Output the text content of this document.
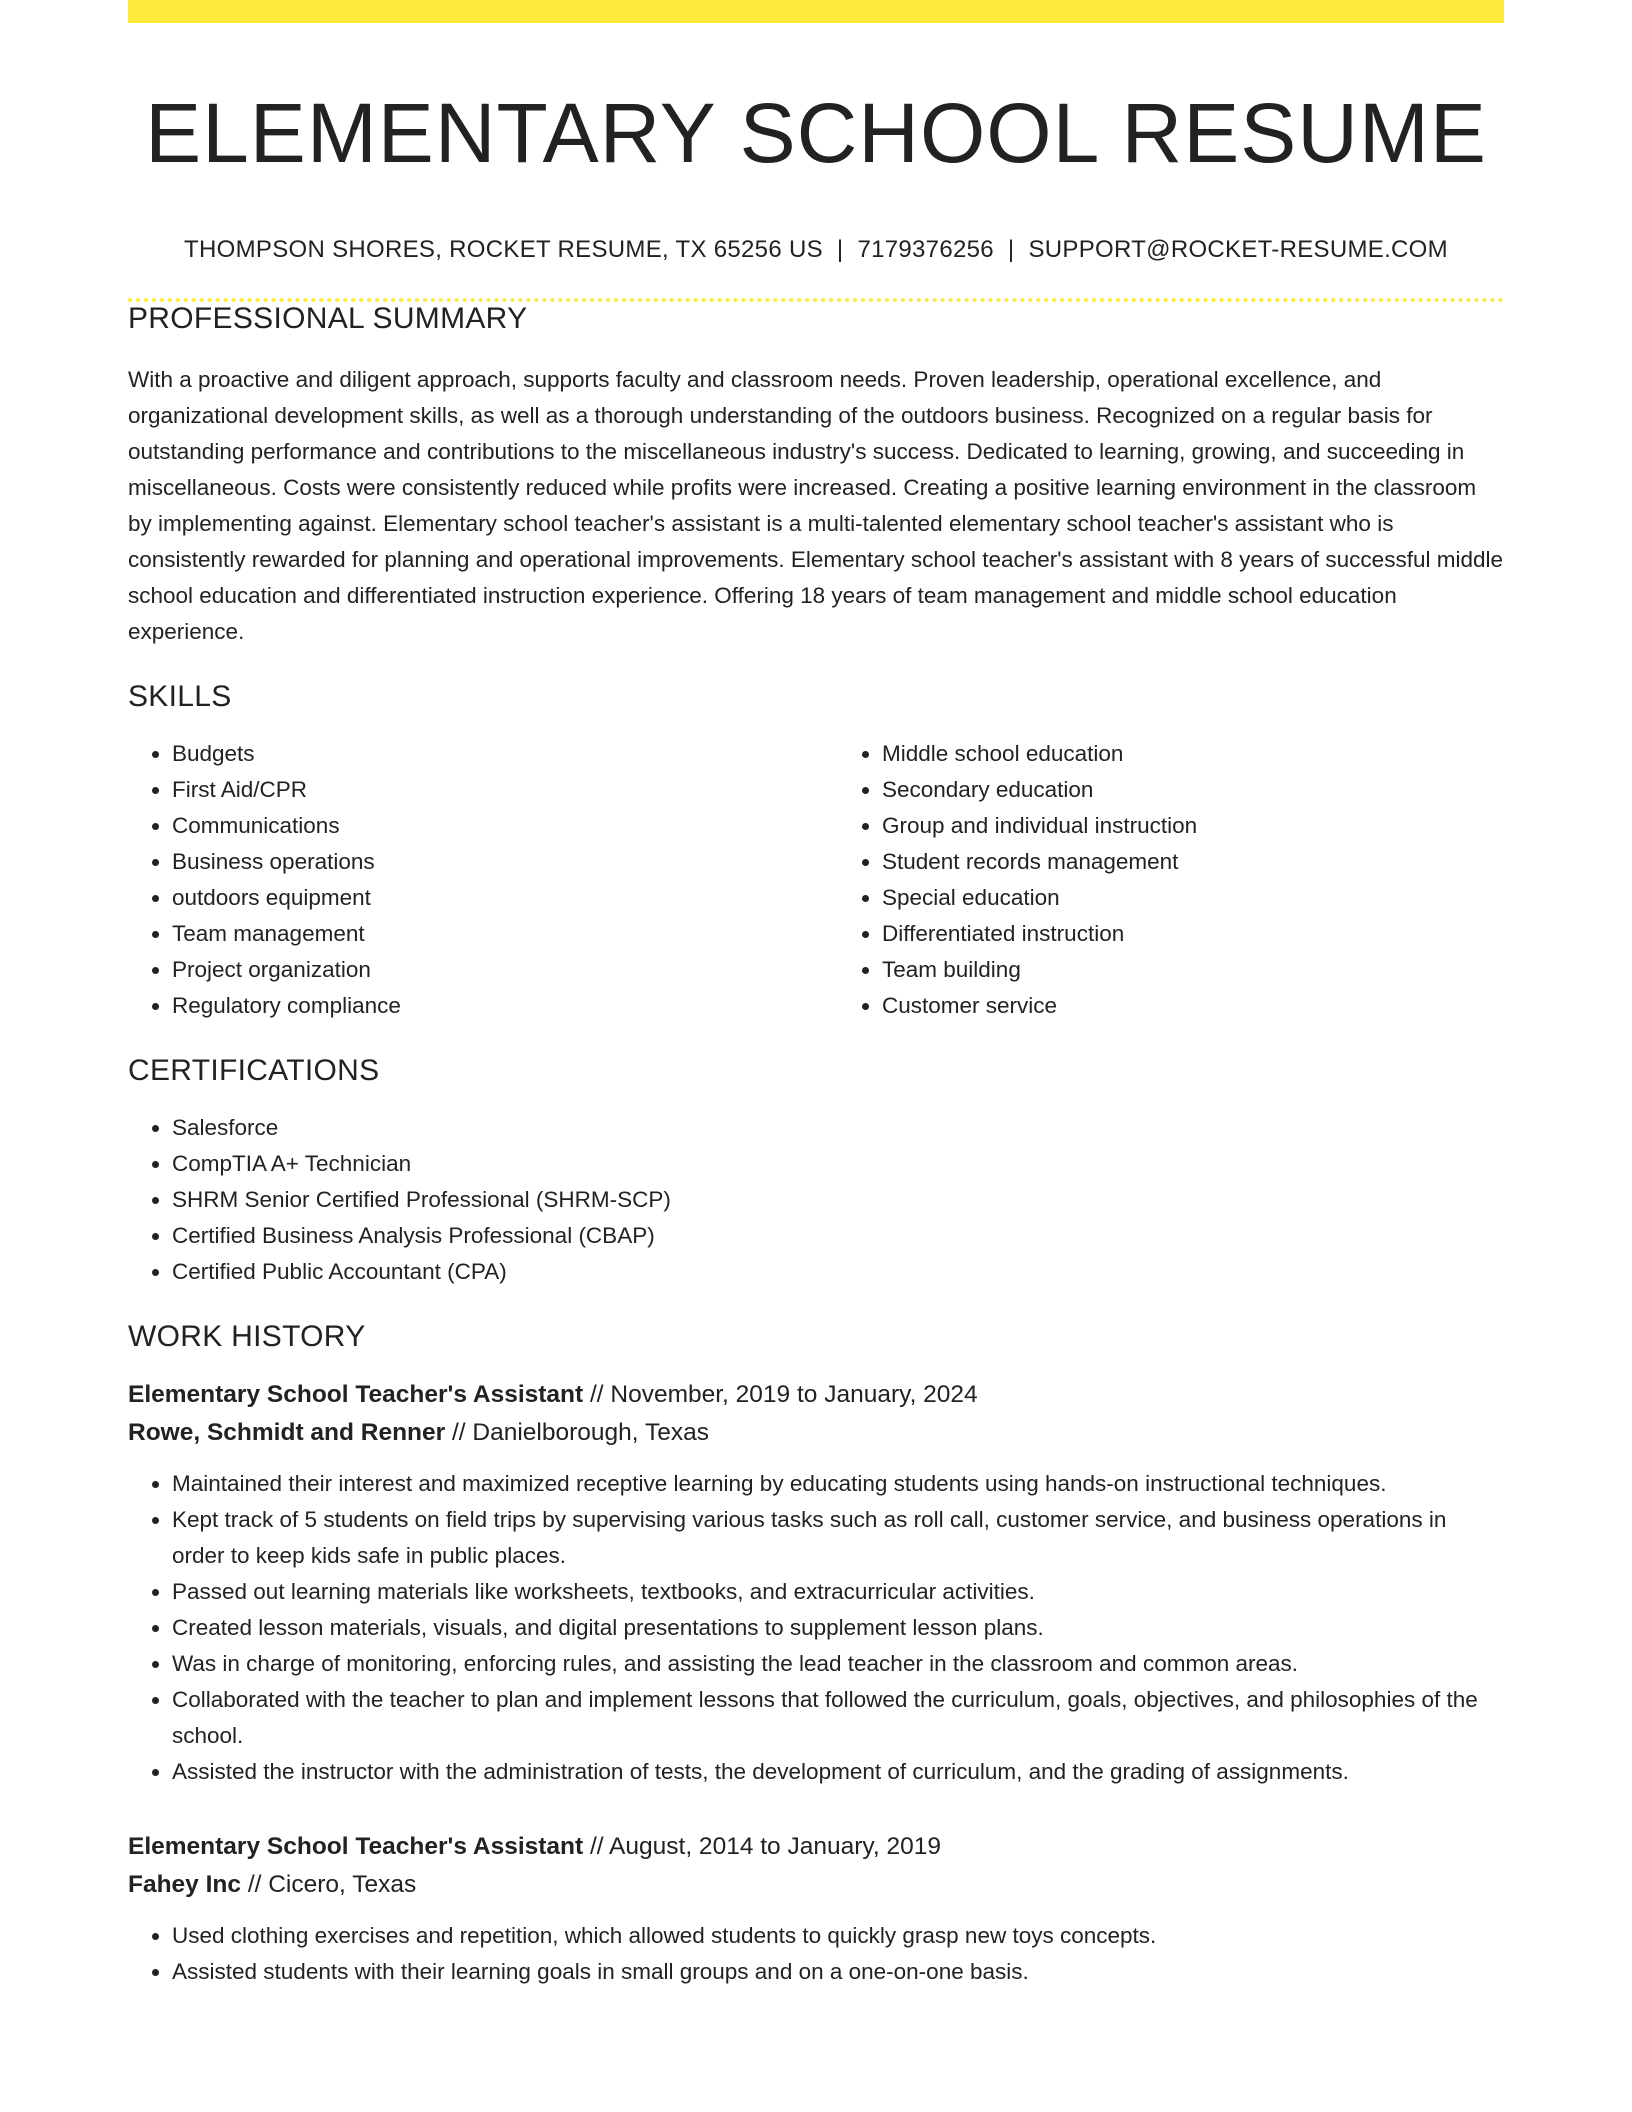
ELEMENTARY SCHOOL RESUME
THOMPSON SHORES, ROCKET RESUME, TX 65256 US | 7179376256 | SUPPORT@ROCKET-RESUME.COM
PROFESSIONAL SUMMARY
With a proactive and diligent approach, supports faculty and classroom needs. Proven leadership, operational excellence, and organizational development skills, as well as a thorough understanding of the outdoors business. Recognized on a regular basis for outstanding performance and contributions to the miscellaneous industry's success. Dedicated to learning, growing, and succeeding in miscellaneous. Costs were consistently reduced while profits were increased. Creating a positive learning environment in the classroom by implementing against. Elementary school teacher's assistant is a multi-talented elementary school teacher's assistant who is consistently rewarded for planning and operational improvements. Elementary school teacher's assistant with 8 years of successful middle school education and differentiated instruction experience. Offering 18 years of team management and middle school education experience.
SKILLS
• Budgets
• First Aid/CPR
• Communications
• Business operations
• outdoors equipment
• Team management
• Project organization
• Regulatory compliance
• Middle school education
• Secondary education
• Group and individual instruction
• Student records management
• Special education
• Differentiated instruction
• Team building
• Customer service
CERTIFICATIONS
• Salesforce
• CompTIA A+ Technician
• SHRM Senior Certified Professional (SHRM-SCP)
• Certified Business Analysis Professional (CBAP)
• Certified Public Accountant (CPA)
WORK HISTORY
Elementary School Teacher's Assistant // November, 2019 to January, 2024
Rowe, Schmidt and Renner // Danielborough, Texas
• Maintained their interest and maximized receptive learning by educating students using hands-on instructional techniques.
• Kept track of 5 students on field trips by supervising various tasks such as roll call, customer service, and business operations in order to keep kids safe in public places.
• Passed out learning materials like worksheets, textbooks, and extracurricular activities.
• Created lesson materials, visuals, and digital presentations to supplement lesson plans.
• Was in charge of monitoring, enforcing rules, and assisting the lead teacher in the classroom and common areas.
• Collaborated with the teacher to plan and implement lessons that followed the curriculum, goals, objectives, and philosophies of the school.
• Assisted the instructor with the administration of tests, the development of curriculum, and the grading of assignments.
Elementary School Teacher's Assistant // August, 2014 to January, 2019
Fahey Inc // Cicero, Texas
• Used clothing exercises and repetition, which allowed students to quickly grasp new toys concepts.
• Assisted students with their learning goals in small groups and on a one-on-one basis.
